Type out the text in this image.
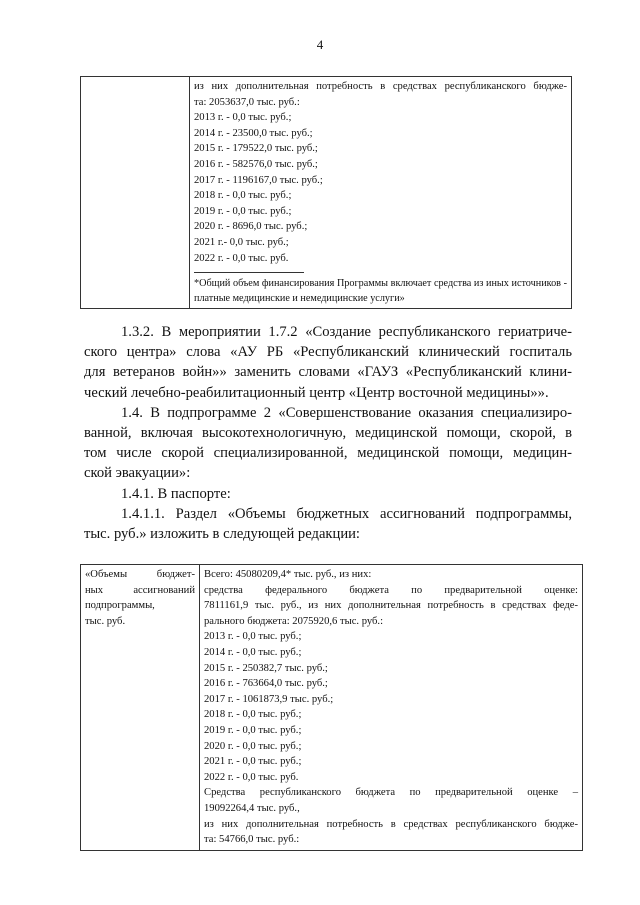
4

из них дополнительная потребность в средствах республиканского бюдже-
та: 2053637,0 тыс. руб.:
2013 г. - 0,0 тыс. руб.;
2014 г. - 23500,0 тыс. руб.;
2015 г. - 179522,0 тыс. руб.;
2016 г. - 582576,0 тыс. руб.;
2017 г. - 1196167,0 тыс. руб.;
2018 г. - 0,0 тыс. руб.;
2019 г. - 0,0 тыс. руб.;
2020 г. - 8696,0 тыс. руб.;
2021 г.- 0,0 тыс. руб.;
2022 г. - 0,0 тыс. руб.
*Общий объем финансирования Программы включает средства из иных источников - платные медицинские и немедицинские услуги»
1.3.2. В мероприятии 1.7.2 «Создание республиканского гериатриче-
ского центра» слова «АУ РБ «Республиканский клинический госпиталь
для ветеранов войн»» заменить словами «ГАУЗ «Республиканский клини-
ческий лечебно-реабилитационный центр «Центр восточной медицины»».
1.4. В подпрограмме 2 «Совершенствование оказания специализиро-
ванной, включая высокотехнологичную, медицинской помощи, скорой, в
том числе скорой специализированной, медицинской помощи, медицин-
ской эвакуации»:
1.4.1. В паспорте:
1.4.1.1. Раздел «Объемы бюджетных ассигнований подпрограммы,
тыс. руб.» изложить в следующей редакции:
«Объемы бюджет-
ных ассигнований
подпрограммы,
тыс. руб.

Всего: 45080209,4* тыс. руб., из них:
средства федерального бюджета по предварительной оценке:
7811161,9 тыс. руб., из них дополнительная потребность в средствах феде-
рального бюджета: 2075920,6 тыс. руб.:
2013 г. - 0,0 тыс. руб.;
2014 г. - 0,0 тыс. руб.;
2015 г. - 250382,7 тыс. руб.;
2016 г. - 763664,0 тыс. руб.;
2017 г. - 1061873,9 тыс. руб.;
2018 г. - 0,0 тыс. руб.;
2019 г. - 0,0 тыс. руб.;
2020 г. - 0,0 тыс. руб.;
2021 г. - 0,0 тыс. руб.;
2022 г. - 0,0 тыс. руб.
Средства республиканского бюджета по предварительной оценке –
19092264,4 тыс. руб.,
из них дополнительная потребность в средствах республиканского бюдже-
та: 54766,0 тыс. руб.:
